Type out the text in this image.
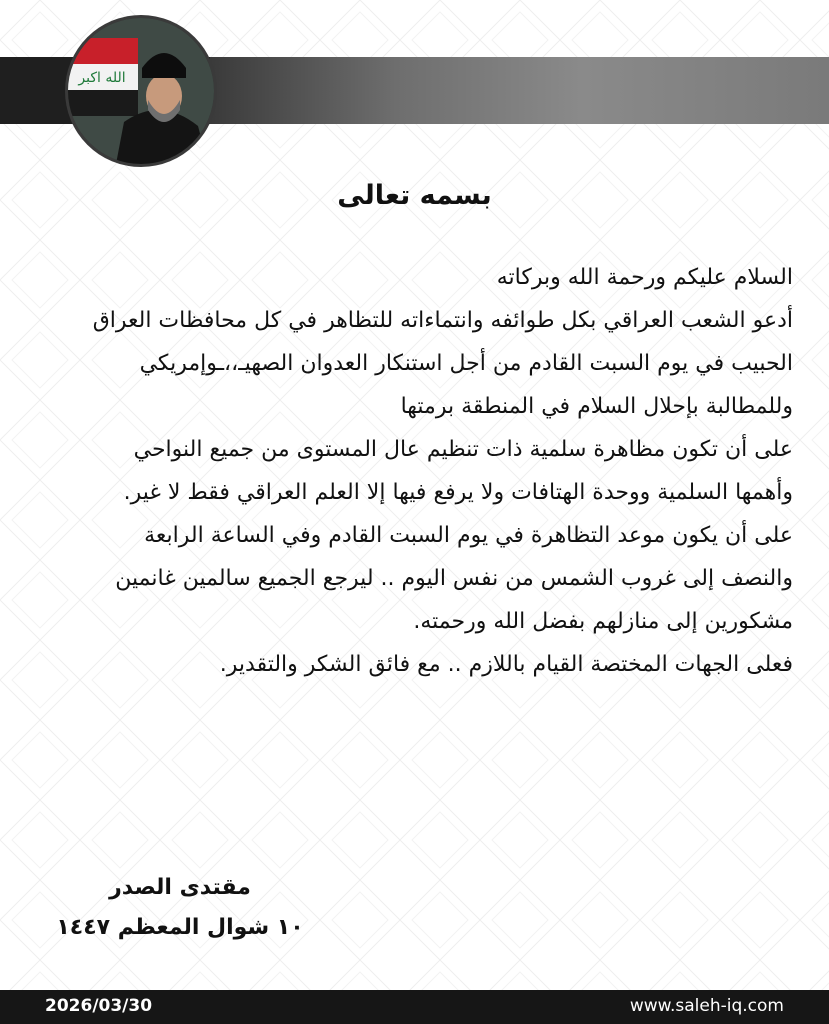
الله اكبر
بسمه تعالى
السلام عليكم ورحمة الله وبركاته
أدعو الشعب العراقي بكل طوائفه وانتماءاته للتظاهر في كل محافظات العراق
الحبيب في يوم السبت القادم من أجل استنكار العدوان الصهيـ،،ـوإمريكي
وللمطالبة بإحلال السلام في المنطقة برمتها
على أن تكون مظاهرة سلمية ذات تنظيم عال المستوى من جميع النواحي
وأهمها السلمية ووحدة الهتافات ولا يرفع فيها إلا العلم العراقي فقط لا غير.
على أن يكون موعد التظاهرة في يوم السبت القادم وفي الساعة الرابعة
والنصف إلى غروب الشمس من نفس اليوم .. ليرجع الجميع سالمين غانمين
مشكورين إلى منازلهم بفضل الله ورحمته.
فعلى الجهات المختصة القيام باللازم .. مع فائق الشكر والتقدير.
مقتدى الصدر
١٠ شوال المعظم ١٤٤٧
2026/03/30	www.saleh-iq.com
